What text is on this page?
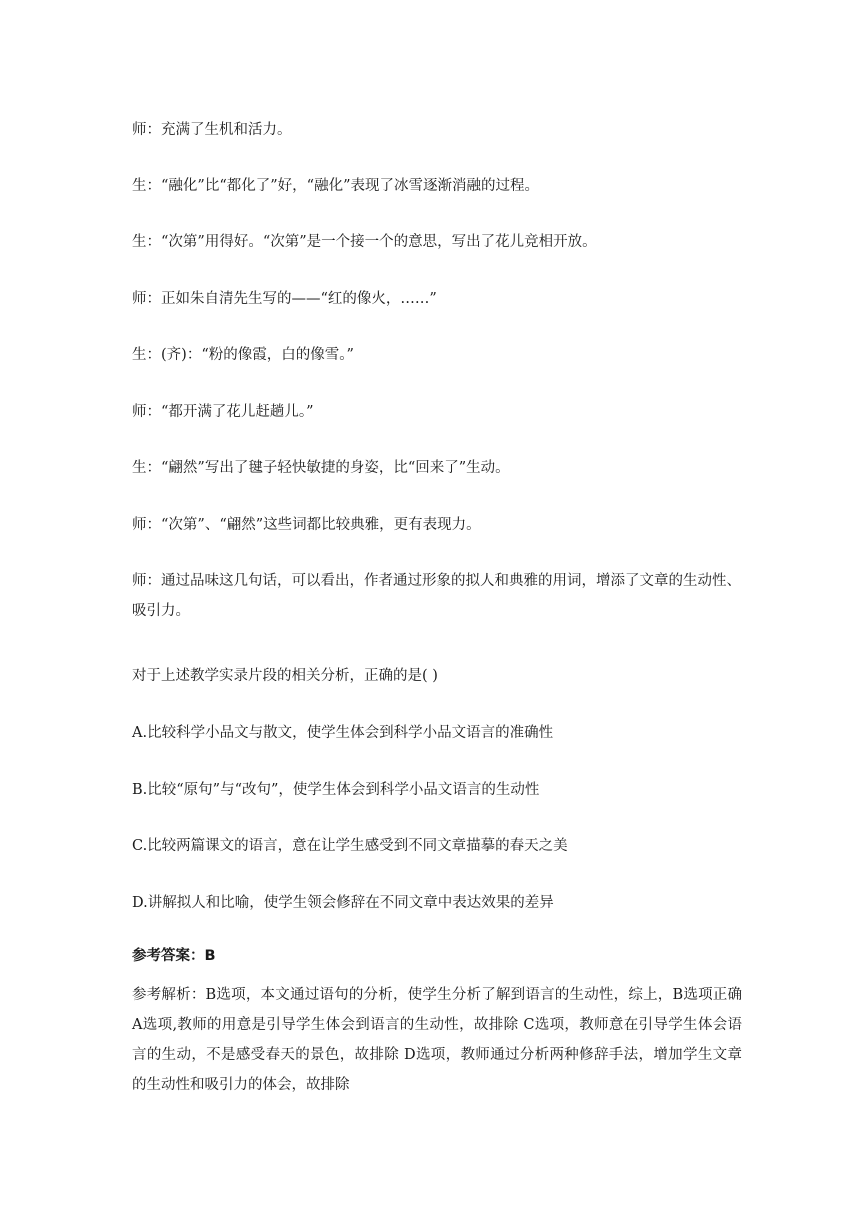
师：充满了生机和活力。
生：“融化”比“都化了”好，“融化”表现了冰雪逐渐消融的过程。
生：“次第”用得好。“次第”是一个接一个的意思，写出了花儿竞相开放。
师：正如朱自清先生写的——“红的像火，……”
生：(齐)：“粉的像霞，白的像雪。”
师：“都开满了花儿赶趟儿。”
生：“翩然”写出了毽子轻快敏捷的身姿，比“回来了”生动。
师：“次第”、“翩然”这些词都比较典雅，更有表现力。
师：通过品味这几句话，可以看出，作者通过形象的拟人和典雅的用词，增添了文章的生动性、吸引力。
对于上述教学实录片段的相关分析，正确的是( )
A.比较科学小品文与散文，使学生体会到科学小品文语言的准确性
B.比较“原句”与“改句”，使学生体会到科学小品文语言的生动性
C.比较两篇课文的语言，意在让学生感受到不同文章描摹的春天之美
D.讲解拟人和比喻，使学生领会修辞在不同文章中表达效果的差异
参考答案：B
参考解析：B选项，本文通过语句的分析，使学生分析了解到语言的生动性，综上，B选项正确 A选项,教师的用意是引导学生体会到语言的生动性，故排除 C选项，教师意在引导学生体会语言的生动，不是感受春天的景色，故排除 D选项，教师通过分析两种修辞手法，增加学生文章的生动性和吸引力的体会，故排除
